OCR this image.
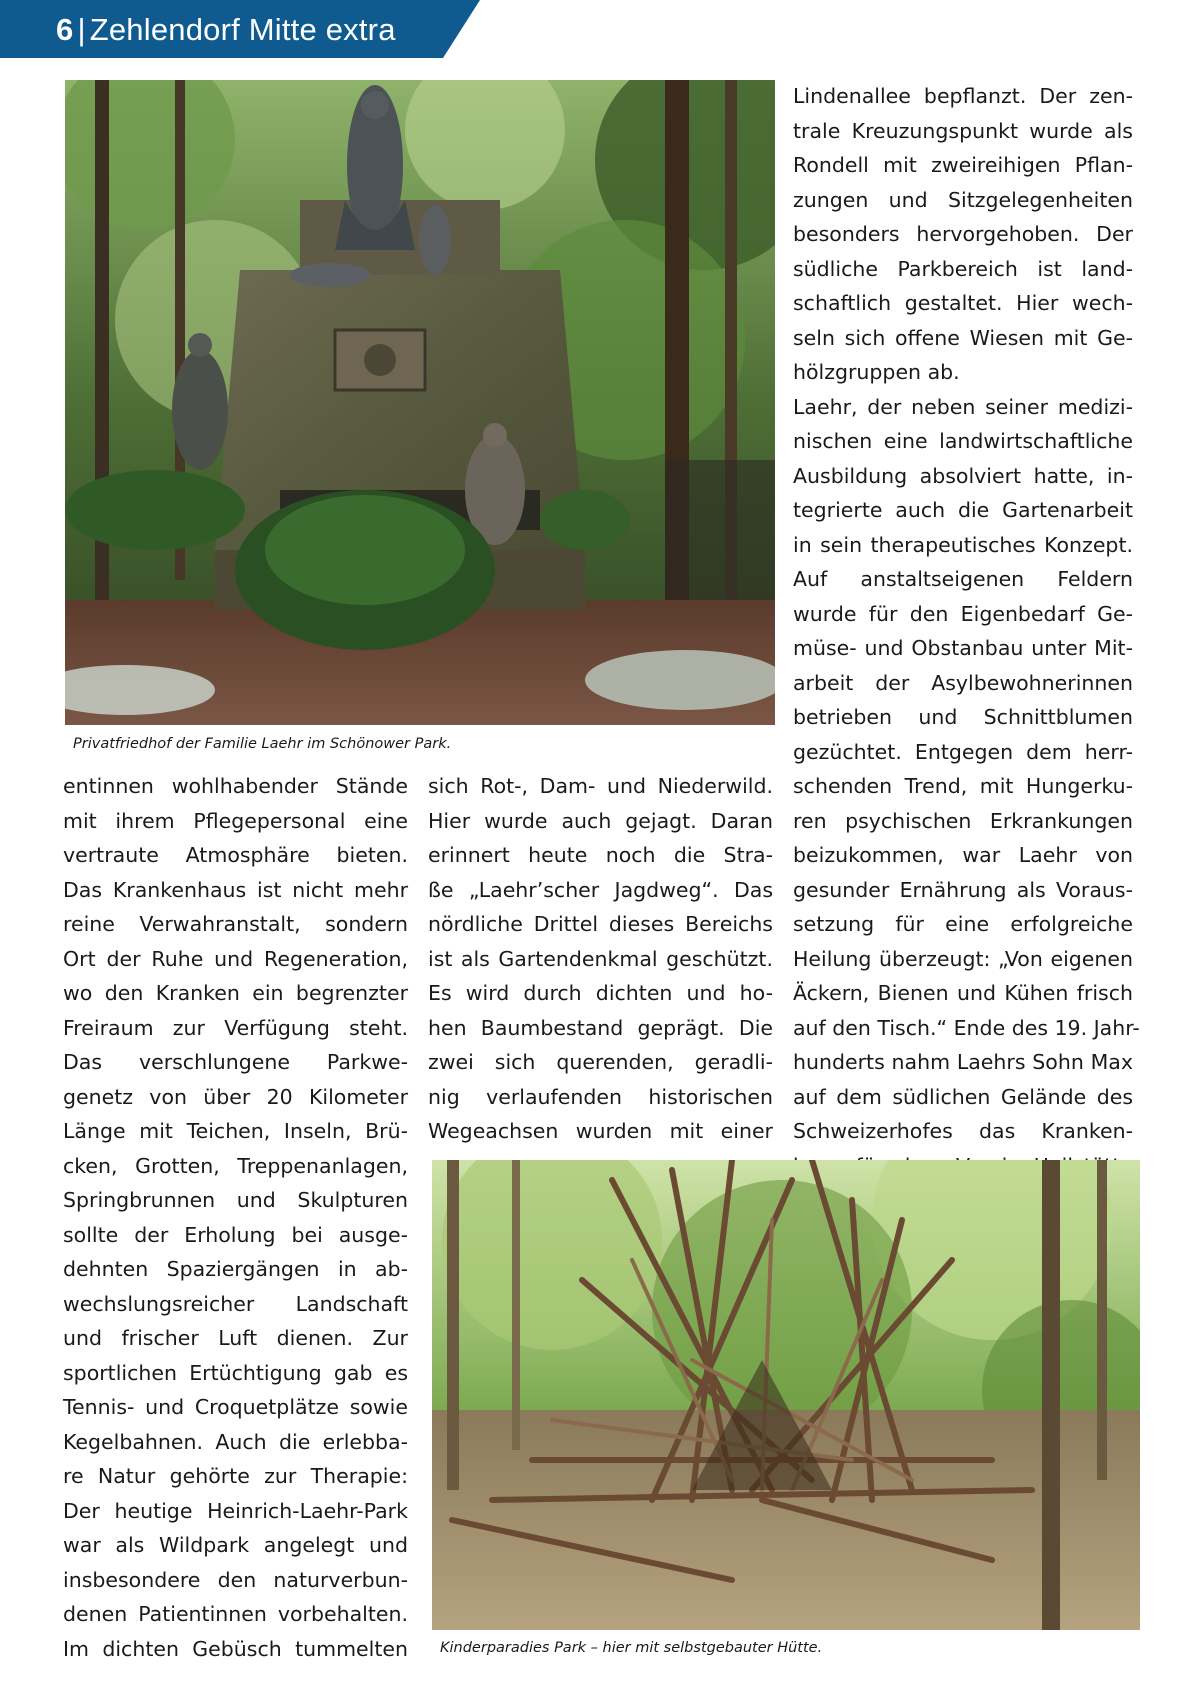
6 | Zehlendorf Mitte extra
Privatfriedhof der Familie Laehr im Schönower Park.

Lindenallee bepflanzt. Der zen-

trale Kreuzungspunkt wurde als

Rondell mit zweireihigen Pflan-

zungen und Sitzgelegenheiten

besonders hervorgehoben. Der

südliche Parkbereich ist land-

schaftlich gestaltet. Hier wech-

seln sich offene Wiesen mit Ge-

hölzgruppen ab.

Laehr, der neben seiner medizi-

nischen eine landwirtschaftliche

Ausbildung absolviert hatte, in-

tegrierte auch die Gartenarbeit

in sein therapeutisches Konzept.

Auf anstaltseigenen Feldern

wurde für den Eigenbedarf Ge-

müse- und Obstanbau unter Mit-

arbeit der Asylbewohnerinnen

betrieben und Schnittblumen

gezüchtet. Entgegen dem herr-

schenden Trend, mit Hungerku-

ren psychischen Erkrankungen

beizukommen, war Laehr von

gesunder Ernährung als Voraus-

setzung für eine erfolgreiche

Heilung überzeugt: „Von eigenen

Äckern, Bienen und Kühen frisch

auf den Tisch.“ Ende des 19. Jahr-

hunderts nahm Laehrs Sohn Max

auf dem südlichen Gelände des

Schweizerhofes das Kranken-

entinnen wohlhabender Stände

mit ihrem Pflegepersonal eine

vertraute Atmosphäre bieten.

Das Krankenhaus ist nicht mehr

reine Verwahranstalt, sondern

Ort der Ruhe und Regeneration,

wo den Kranken ein begrenzter

Freiraum zur Verfügung steht.

Das verschlungene Parkwe-

genetz von über 20 Kilometer

Länge mit Teichen, Inseln, Brü-

cken, Grotten, Treppenanlagen,

Springbrunnen und Skulpturen

sollte der Erholung bei ausge-

dehnten Spaziergängen in ab-

wechslungsreicher Landschaft

und frischer Luft dienen. Zur

sportlichen Ertüchtigung gab es

Tennis- und Croquetplätze sowie

Kegelbahnen. Auch die erlebba-

re Natur gehörte zur Therapie:

Der heutige Heinrich-Laehr-Park

war als Wildpark angelegt und

insbesondere den naturverbun-

denen Patientinnen vorbehalten.

Im dichten Gebüsch tummelten

sich Rot-, Dam- und Niederwild.

Hier wurde auch gejagt. Daran

erinnert heute noch die Stra-

ße „Laehr’scher Jagdweg“. Das

nördliche Drittel dieses Bereichs

ist als Gartendenkmal geschützt.

Es wird durch dichten und ho-

hen Baumbestand geprägt. Die

zwei sich querenden, geradli-

nig verlaufenden historischen

Wegeachsen wurden mit einer

Kinderparadies Park – hier mit selbstgebauter Hütte.
